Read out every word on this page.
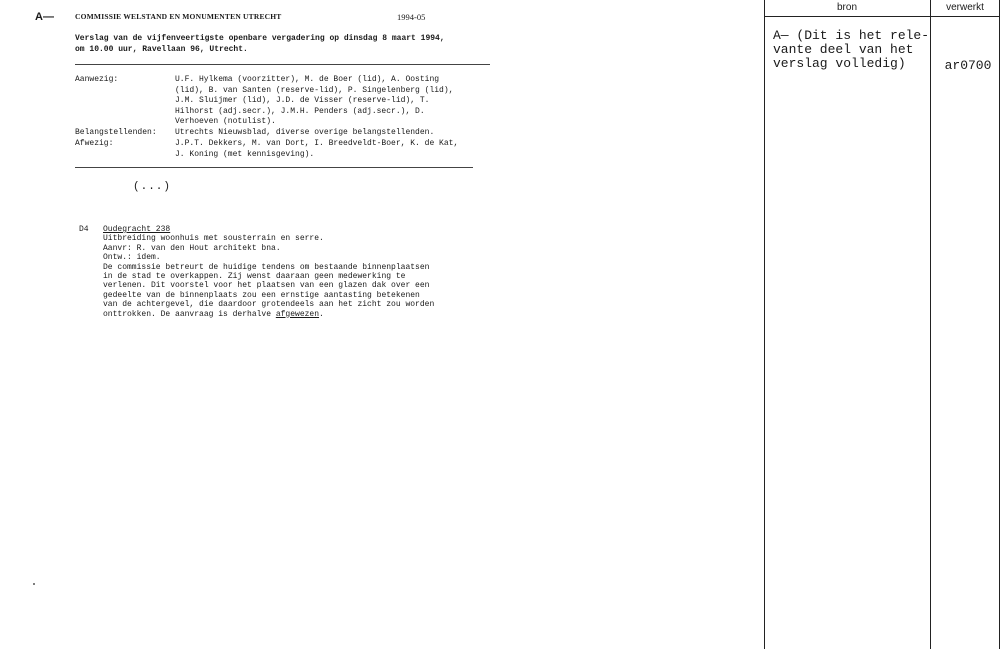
A—	COMMISSIE WELSTAND EN MONUMENTEN UTRECHT	1994-05
Verslag van de vijfenveertigste openbare vergadering op dinsdag 8 maart 1994,
om 10.00 uur, Ravellaan 96, Utrecht.
Aanwezig:	U.F. Hylkema (voorzitter), M. de Boer (lid), A. Oosting
(lid), B. van Santen (reserve-lid), P. Singelenberg (lid),
J.M. Sluijmer (lid), J.D. de Visser (reserve-lid), T.
Hilhorst (adj.secr.), J.M.H. Penders (adj.secr.), D.
Verhoeven (notulist).
Belangstellenden:	Utrechts Nieuwsblad, diverse overige belangstellenden.
Afwezig:	J.P.T. Dekkers, M. van Dort, I. Breedveldt-Boer, K. de Kat,
J. Koning (met kennisgeving).
(...)
D4 Oudegracht 238
Uitbreiding woonhuis met sousterrain en serre.
Aanvr: R. van den Hout architekt bna.
Ontw.: idem.
De commissie betreurt de huidige tendens om bestaande binnenplaatsen
in de stad te overkappen. Zij wenst daaraan geen medewerking te
verlenen. Dit voorstel voor het plaatsen van een glazen dak over een
gedeelte van de binnenplaats zou een ernstige aantasting betekenen
van de achtergevel, die daardoor grotendeels aan het zicht zou worden
onttrokken. De aanvraag is derhalve afgewezen.
bron	verwerkt
A— (Dit is het rele-
vante deel van het
verslag volledig)	ar0700
